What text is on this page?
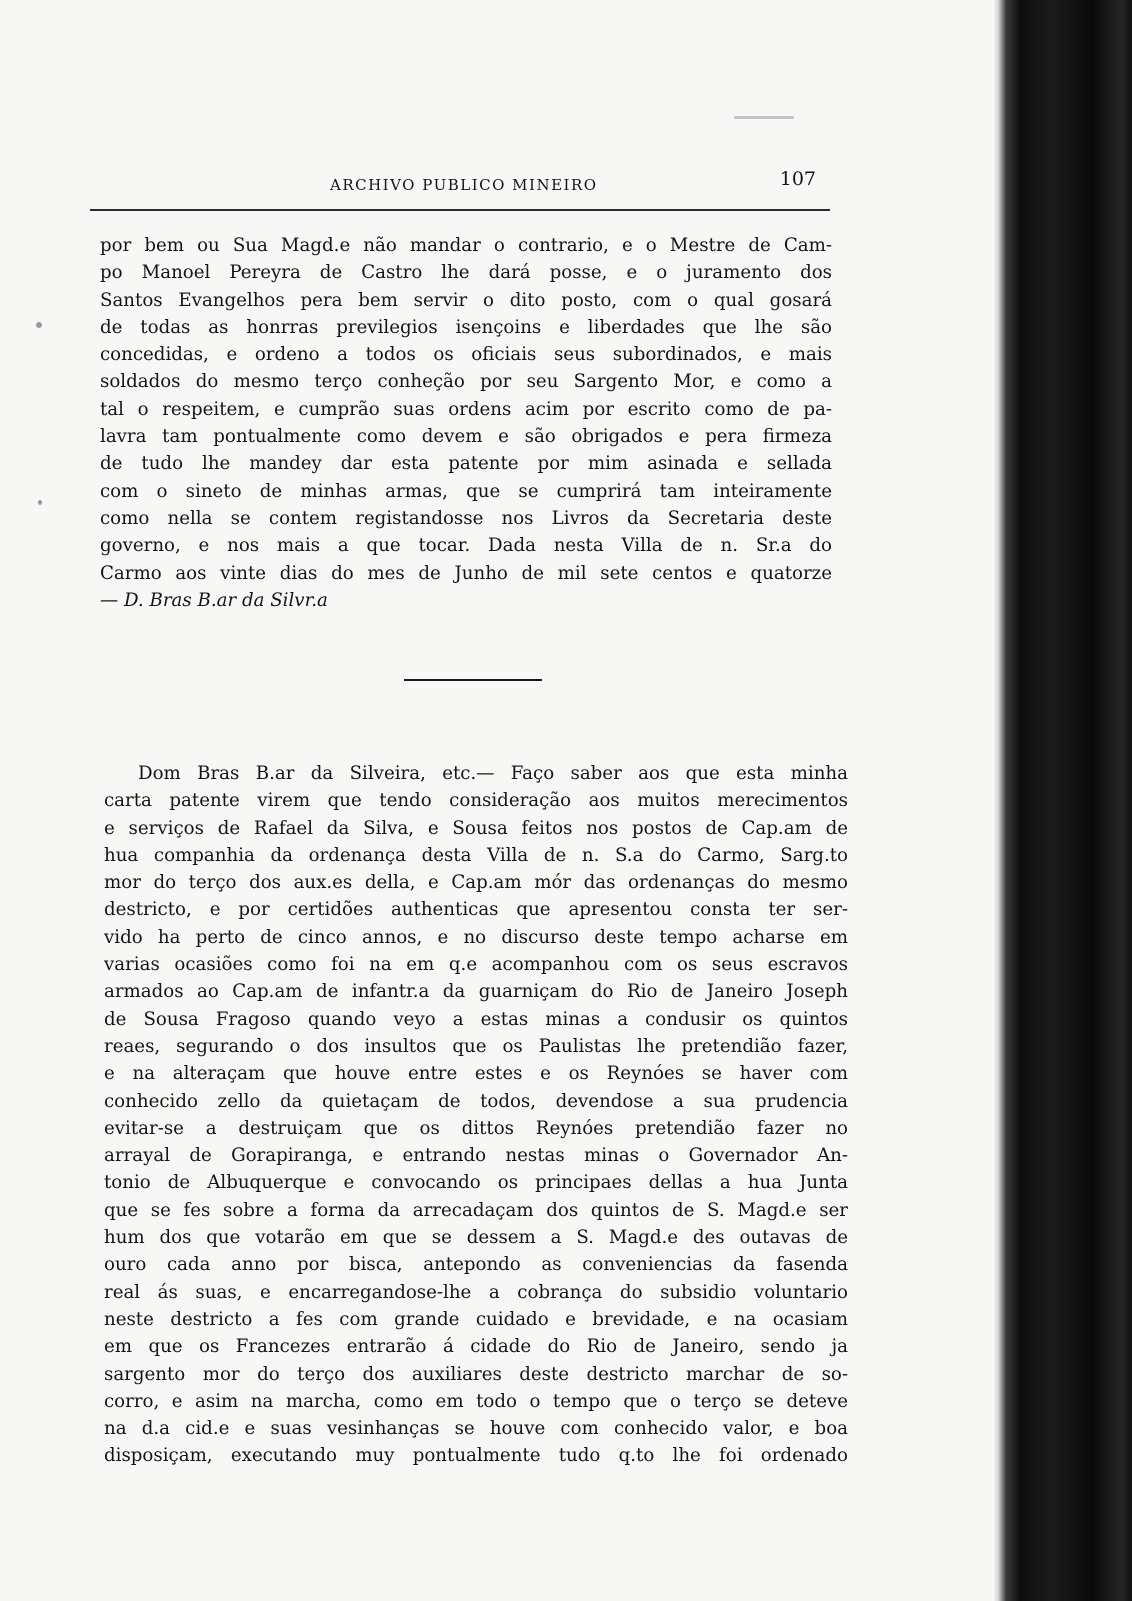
ARCHIVO PUBLICO MINEIRO	107
por bem ou Sua Magd.e não mandar o contrario, e o Mestre de Cam-
po Manoel Pereyra de Castro lhe dará posse, e o juramento dos
Santos Evangelhos pera bem servir o dito posto, com o qual gosará
de todas as honrras previlegios isençoins e liberdades que lhe são
concedidas, e ordeno a todos os oficiais seus subordinados, e mais
soldados do mesmo terço conheção por seu Sargento Mor, e como a
tal o respeitem, e cumprão suas ordens acim por escrito como de pa-
lavra tam pontualmente como devem e são obrigados e pera firmeza
de tudo lhe mandey dar esta patente por mim asinada e sellada
com o sineto de minhas armas, que se cumprirá tam inteiramente
como nella se contem registandosse nos Livros da Secretaria deste
governo, e nos mais a que tocar. Dada nesta Villa de n. Sr.a do
Carmo aos vinte dias do mes de Junho de mil sete centos e quatorze
— D. Bras B.ar da Silvr.a
Dom Bras B.ar da Silveira, etc.— Faço saber aos que esta minha
carta patente virem que tendo consideração aos muitos merecimentos
e serviços de Rafael da Silva, e Sousa feitos nos postos de Cap.am de
hua companhia da ordenança desta Villa de n. S.a do Carmo, Sarg.to
mor do terço dos aux.es della, e Cap.am mór das ordenanças do mesmo
destricto, e por certidões authenticas que apresentou consta ter ser-
vido ha perto de cinco annos, e no discurso deste tempo acharse em
varias ocasiões como foi na em q.e acompanhou com os seus escravos
armados ao Cap.am de infantr.a da guarniçam do Rio de Janeiro Joseph
de Sousa Fragoso quando veyo a estas minas a condusir os quintos
reaes, segurando o dos insultos que os Paulistas lhe pretendião fazer,
e na alteraçam que houve entre estes e os Reynóes se haver com
conhecido zello da quietaçam de todos, devendose a sua prudencia
evitar-se a destruiçam que os dittos Reynóes pretendião fazer no
arrayal de Gorapiranga, e entrando nestas minas o Governador An-
tonio de Albuquerque e convocando os principaes dellas a hua Junta
que se fes sobre a forma da arrecadaçam dos quintos de S. Magd.e ser
hum dos que votarão em que se dessem a S. Magd.e des outavas de
ouro cada anno por bisca, antepondo as conveniencias da fasenda
real ás suas, e encarregandose-lhe a cobrança do subsidio voluntario
neste destricto a fes com grande cuidado e brevidade, e na ocasiam
em que os Francezes entrarão á cidade do Rio de Janeiro, sendo ja
sargento mor do terço dos auxiliares deste destricto marchar de so-
corro, e asim na marcha, como em todo o tempo que o terço se deteve
na d.a cid.e e suas vesinhanças se houve com conhecido valor, e boa
disposiçam, executando muy pontualmente tudo q.to lhe foi ordenado
